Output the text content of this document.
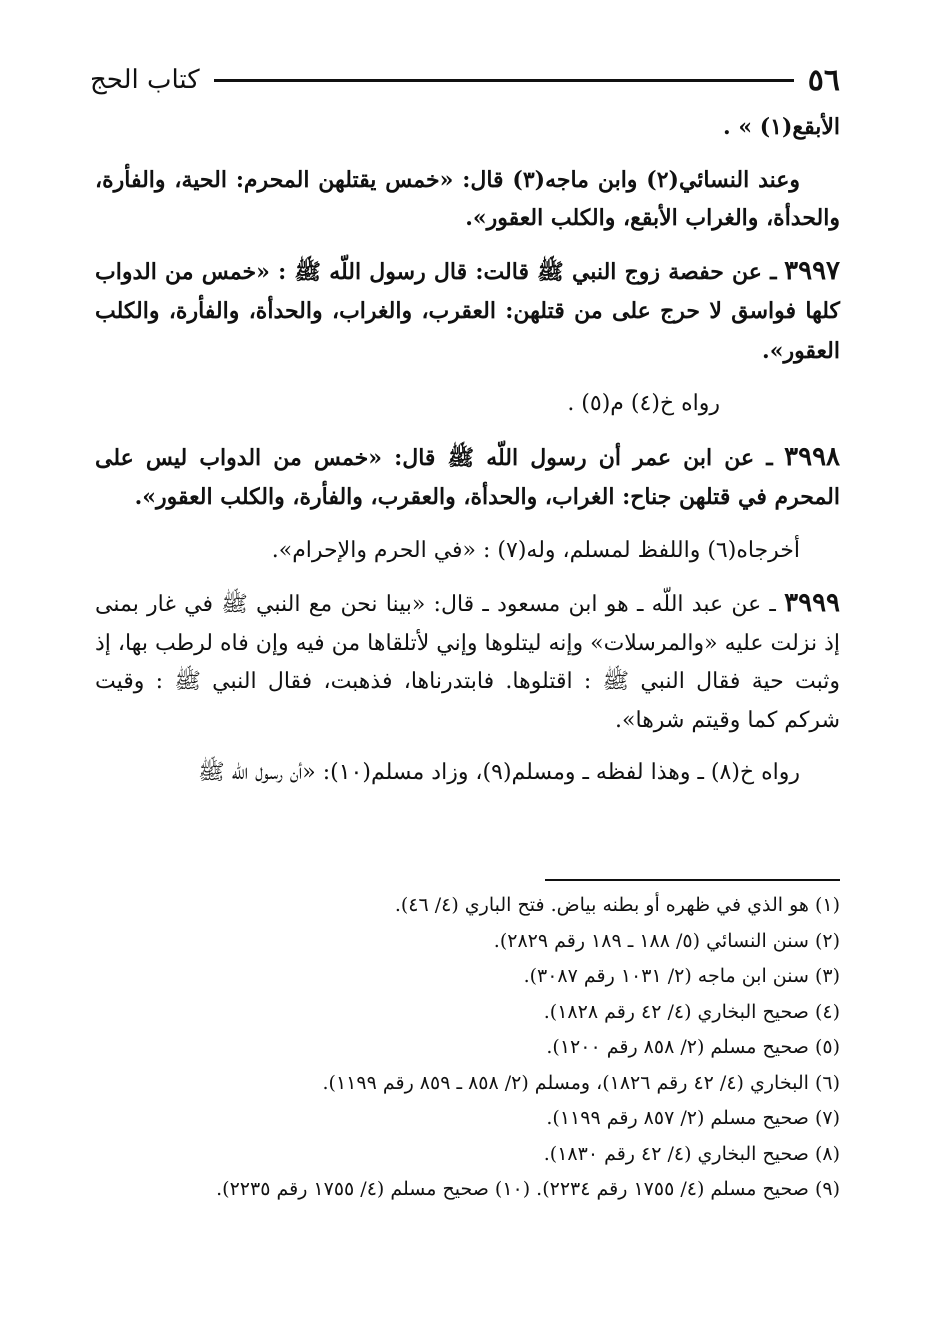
٥٦
كتاب الحج

الأبقع(١) » .

وعند النسائي(٢) وابن ماجه(٣) قال: «خمس يقتلهن المحرم: الحية، والفأرة، والحدأة، والغراب الأبقع، والكلب العقور».

٣٩٩٧ ـ عن حفصة زوج النبي ﷺ قالت: قال رسول اللّه ﷺ : «خمس من الدواب كلها فواسق لا حرج على من قتلهن: العقرب، والغراب، والحدأة، والفأرة، والكلب العقور».

رواه خ(٤) م(٥) .

٣٩٩٨ ـ عن ابن عمر أن رسول اللّه ﷺ قال: «خمس من الدواب ليس على المحرم في قتلهن جناح: الغراب، والحدأة، والعقرب، والفأرة، والكلب العقور».

أخرجاه(٦) واللفظ لمسلم، وله(٧) : «في الحرم والإحرام».

٣٩٩٩ ـ عن عبد اللّه ـ هو ابن مسعود ـ قال: «بينا نحن مع النبي ﷺ في غار بمنى إذ نزلت عليه «والمرسلات» وإنه ليتلوها وإني لأتلقاها من فيه وإن فاه لرطب بها، إذ وثبت حية فقال النبي ﷺ : اقتلوها. فابتدرناها، فذهبت، فقال النبي ﷺ : وقيت شركم كما وقيتم شرها».

رواه خ(٨) ـ وهذا لفظه ـ ومسلم(٩)، وزاد مسلم(١٠): «أن رسول اللّه ﷺ

(١) هو الذي في ظهره أو بطنه بياض. فتح الباري (٤/ ٤٦).
(٢) سنن النسائي (٥/ ١٨٨ ـ ١٨٩ رقم ٢٨٢٩).
(٣) سنن ابن ماجه (٢/ ١٠٣١ رقم ٣٠٨٧).
(٤) صحيح البخاري (٤/ ٤٢ رقم ١٨٢٨).
(٥) صحيح مسلم (٢/ ٨٥٨ رقم ١٢٠٠).
(٦) البخاري (٤/ ٤٢ رقم ١٨٢٦)، ومسلم (٢/ ٨٥٨ ـ ٨٥٩ رقم ١١٩٩).
(٧) صحيح مسلم (٢/ ٨٥٧ رقم ١١٩٩).
(٨) صحيح البخاري (٤/ ٤٢ رقم ١٨٣٠).
(٩) صحيح مسلم (٤/ ١٧٥٥ رقم ٢٢٣٤). (١٠) صحيح مسلم (٤/ ١٧٥٥ رقم ٢٢٣٥).
